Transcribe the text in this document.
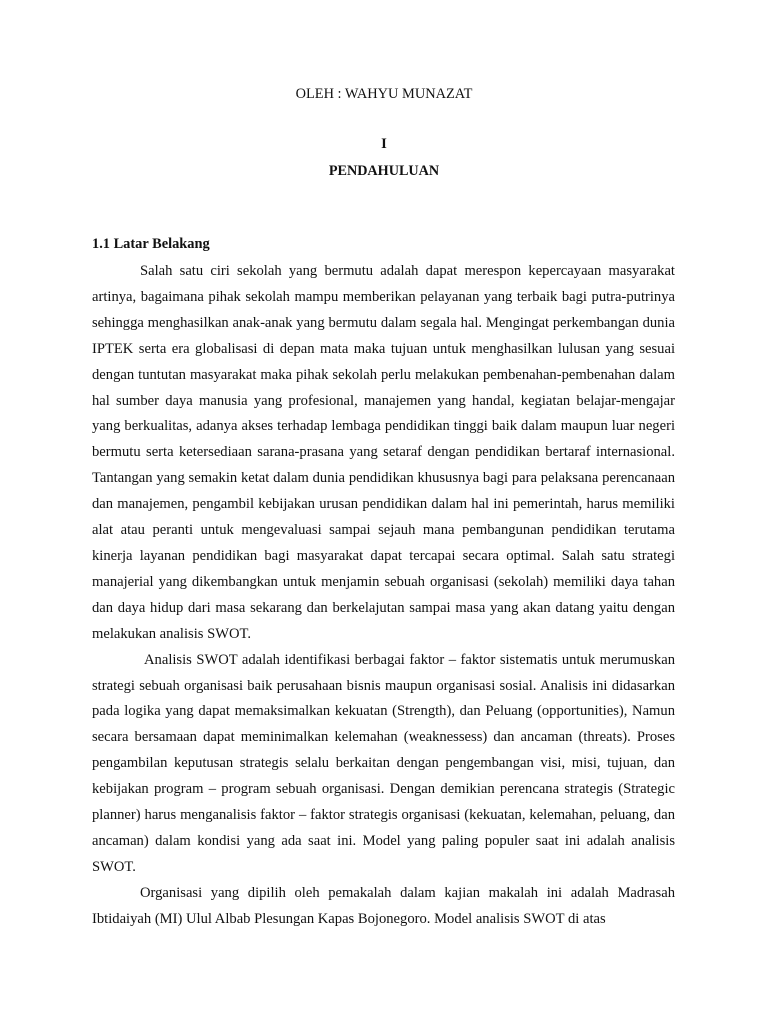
OLEH : WAHYU MUNAZAT
I
PENDAHULUAN
1.1 Latar Belakang

Salah satu ciri sekolah yang bermutu adalah dapat merespon kepercayaan masyarakat artinya, bagaimana pihak sekolah mampu memberikan pelayanan yang terbaik bagi putra-putrinya sehingga menghasilkan anak-anak yang bermutu dalam segala hal. Mengingat perkembangan dunia IPTEK serta era globalisasi di depan mata maka tujuan untuk menghasilkan lulusan yang sesuai dengan tuntutan masyarakat maka pihak sekolah perlu melakukan pembenahan-pembenahan dalam hal sumber daya manusia yang profesional, manajemen yang handal, kegiatan belajar-mengajar yang berkualitas, adanya akses terhadap lembaga pendidikan tinggi baik dalam maupun luar negeri bermutu serta ketersediaan sarana-prasana yang setaraf dengan pendidikan bertaraf internasional. Tantangan yang semakin ketat dalam dunia pendidikan khususnya bagi para pelaksana perencanaan dan manajemen, pengambil kebijakan urusan pendidikan dalam hal ini pemerintah, harus memiliki alat atau peranti untuk mengevaluasi sampai sejauh mana pembangunan pendidikan terutama kinerja layanan pendidikan bagi masyarakat dapat tercapai secara optimal. Salah satu strategi manajerial yang dikembangkan untuk menjamin sebuah organisasi (sekolah) memiliki daya tahan dan daya hidup dari masa sekarang dan berkelajutan sampai masa yang akan datang yaitu dengan melakukan analisis SWOT.

Analisis SWOT adalah identifikasi berbagai faktor – faktor sistematis untuk merumuskan strategi sebuah organisasi baik perusahaan bisnis maupun organisasi sosial. Analisis ini didasarkan pada logika yang dapat memaksimalkan kekuatan (Strength), dan Peluang (opportunities), Namun secara bersamaan dapat meminimalkan kelemahan (weaknessess) dan ancaman (threats). Proses pengambilan keputusan strategis selalu berkaitan dengan pengembangan visi, misi, tujuan, dan kebijakan program – program sebuah organisasi. Dengan demikian perencana strategis (Strategic planner) harus menganalisis faktor – faktor strategis organisasi (kekuatan, kelemahan, peluang, dan ancaman) dalam kondisi yang ada saat ini. Model yang paling populer saat ini adalah analisis SWOT.

Organisasi yang dipilih oleh pemakalah dalam kajian makalah ini adalah Madrasah Ibtidaiyah (MI) Ulul Albab Plesungan Kapas Bojonegoro. Model analisis SWOT di atas
